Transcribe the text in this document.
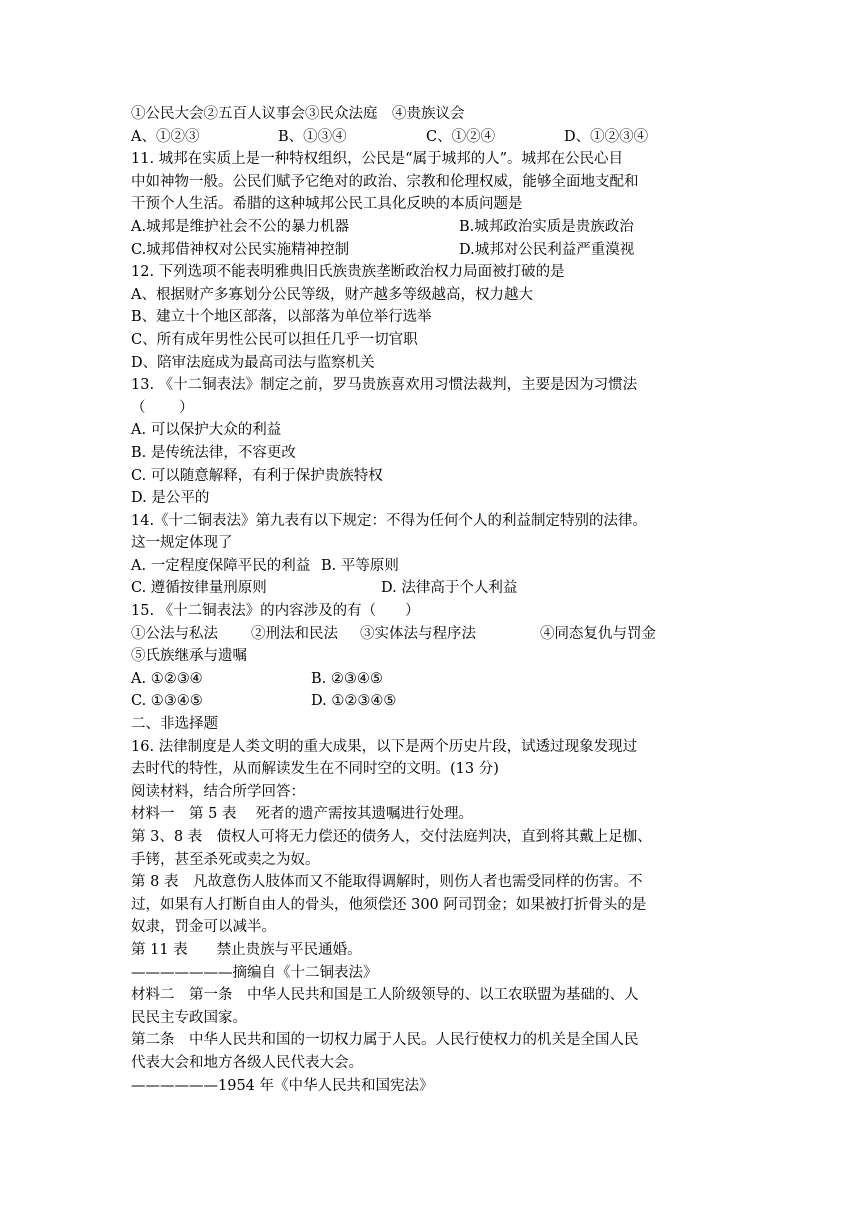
①公民大会②五百人议事会③民众法庭　④贵族议会
A、①②③	B、①③④	C、①②④	D、①②③④
11. 城邦在实质上是一种特权组织，公民是“属于城邦的人”。城邦在公民心目
中如神物一般。公民们赋予它绝对的政治、宗教和伦理权威，能够全面地支配和
干预个人生活。希腊的这种城邦公民工具化反映的本质问题是
A.城邦是维护社会不公的暴力机器	B.城邦政治实质是贵族政治
C.城邦借神权对公民实施精神控制	D.城邦对公民利益严重漠视
12. 下列选项不能表明雅典旧氏族贵族垄断政治权力局面被打破的是
A、根据财产多寡划分公民等级，财产越多等级越高，权力越大
B、建立十个地区部落，以部落为单位举行选举
C、所有成年男性公民可以担任几乎一切官职
D、陪审法庭成为最高司法与监察机关
13. 《十二铜表法》制定之前，罗马贵族喜欢用习惯法裁判，主要是因为习惯法
（　　 ）
A. 可以保护大众的利益
B. 是传统法律，不容更改
C. 可以随意解释，有利于保护贵族特权
D. 是公平的
14.《十二铜表法》第九表有以下规定：不得为任何个人的利益制定特别的法律。
这一规定体现了
A. 一定程度保障平民的利益 B. 平等原则
C. 遵循按律量刑原则	D. 法律高于个人利益
15. 《十二铜表法》的内容涉及的有（　　）
①公法与私法 ②刑法和民法 ③实体法与程序法	④同态复仇与罚金
⑤氏族继承与遗嘱
A. ①②③④	B. ②③④⑤
C. ①③④⑤	D. ①②③④⑤
二、非选择题
16. 法律制度是人类文明的重大成果，以下是两个历史片段，试透过现象发现过
去时代的特性，从而解读发生在不同时空的文明。(13 分)
阅读材料，结合所学回答：
材料一　第 5 表　 死者的遗产需按其遗嘱进行处理。
第 3、8 表　债权人可将无力偿还的债务人，交付法庭判决，直到将其戴上足枷、
手铐，甚至杀死或卖之为奴。
第 8 表　凡故意伤人肢体而又不能取得调解时，则伤人者也需受同样的伤害。不
过，如果有人打断自由人的骨头，他须偿还 300 阿司罚金；如果被打折骨头的是
奴隶，罚金可以减半。
第 11 表　　禁止贵族与平民通婚。
———————摘编自《十二铜表法》
材料二　第一条　中华人民共和国是工人阶级领导的、以工农联盟为基础的、人
民民主专政国家。
第二条　中华人民共和国的一切权力属于人民。人民行使权力的机关是全国人民
代表大会和地方各级人民代表大会。
——————1954 年《中华人民共和国宪法》
